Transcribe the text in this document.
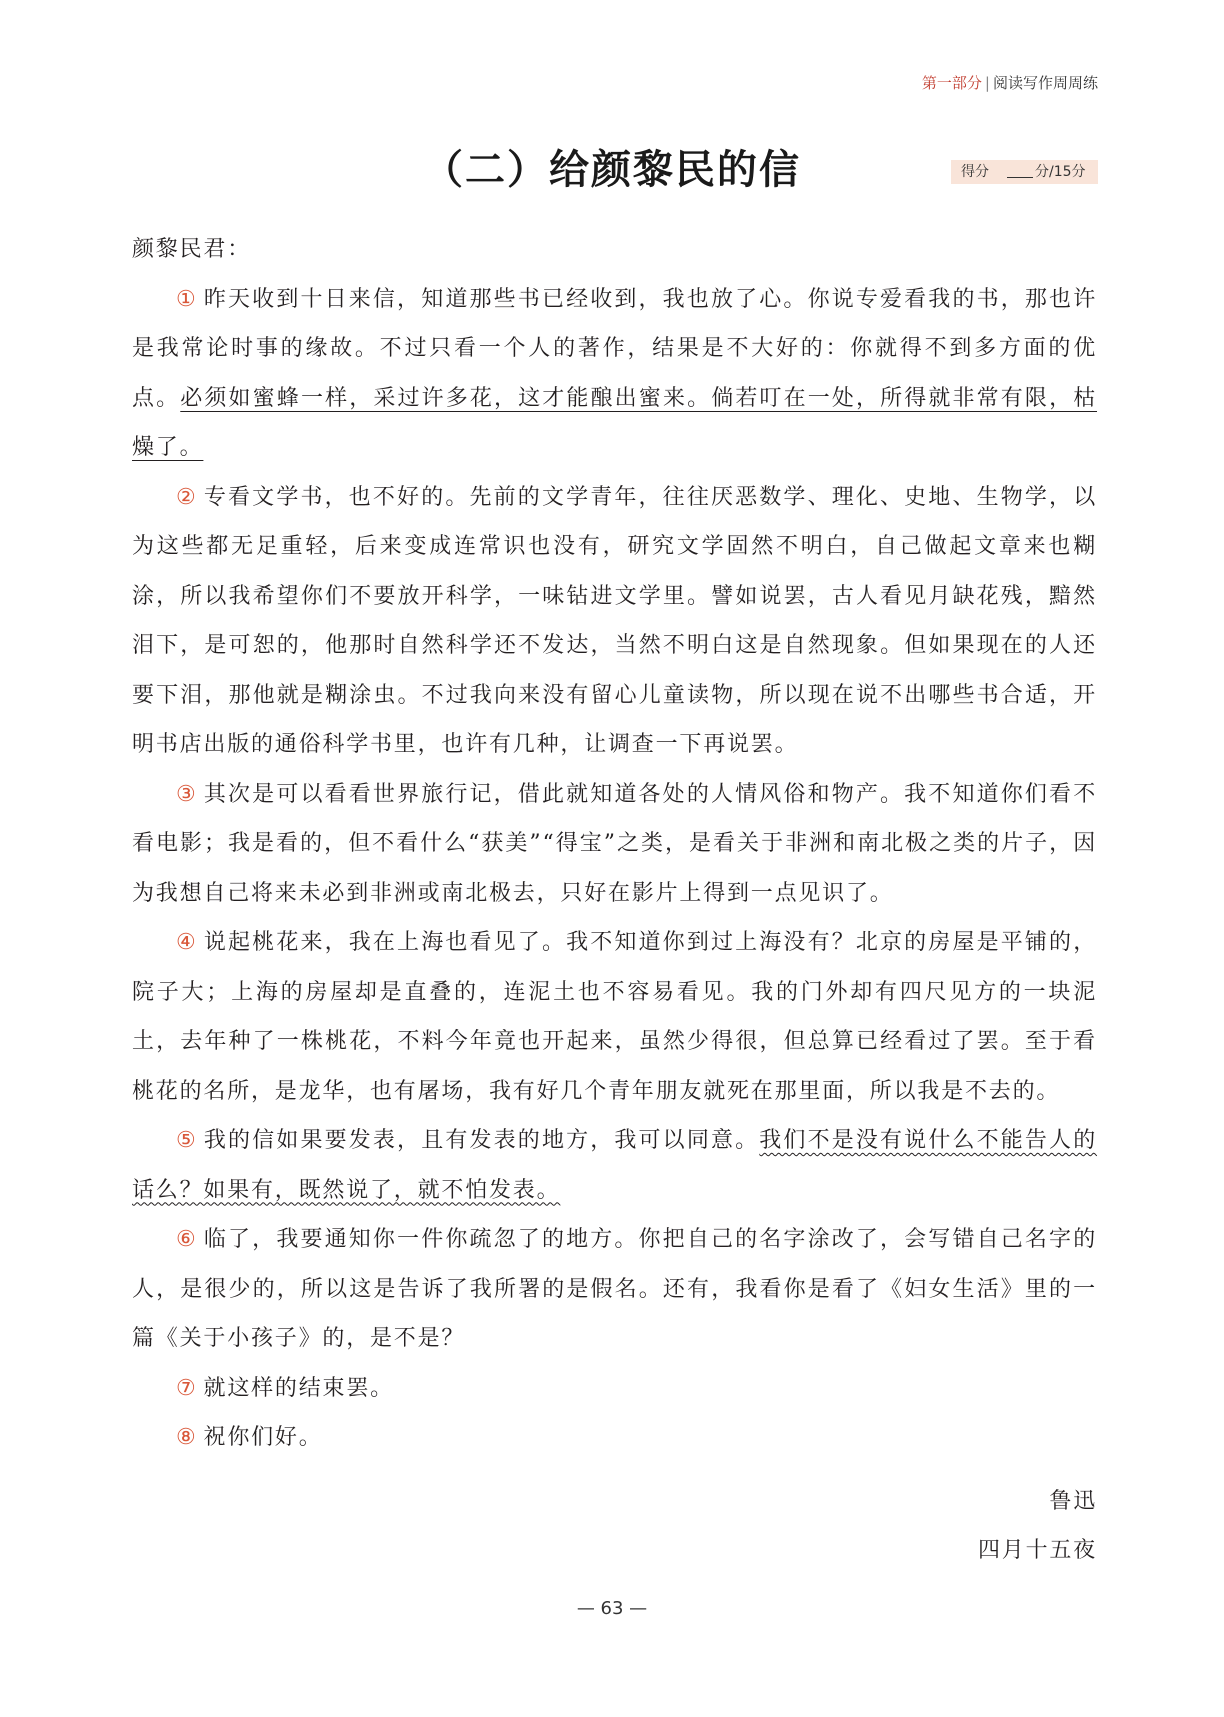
第一部分 | 阅读写作周周练
（二）给颜黎民的信	得分	分/15分

颜黎民君：

① 昨天收到十日来信，知道那些书已经收到，我也放了心。你说专爱看我的书，那也许是我常论时事的缘故。不过只看一个人的著作，结果是不大好的：你就得不到多方面的优点。必须如蜜蜂一样，采过许多花，这才能酿出蜜来。倘若叮在一处，所得就非常有限，枯燥了。

② 专看文学书，也不好的。先前的文学青年，往往厌恶数学、理化、史地、生物学，以为这些都无足重轻，后来变成连常识也没有，研究文学固然不明白，自己做起文章来也糊涂，所以我希望你们不要放开科学，一味钻进文学里。譬如说罢，古人看见月缺花残，黯然泪下，是可恕的，他那时自然科学还不发达，当然不明白这是自然现象。但如果现在的人还要下泪，那他就是糊涂虫。不过我向来没有留心儿童读物，所以现在说不出哪些书合适，开明书店出版的通俗科学书里，也许有几种，让调查一下再说罢。

③ 其次是可以看看世界旅行记，借此就知道各处的人情风俗和物产。我不知道你们看不看电影；我是看的，但不看什么“获美”“得宝”之类，是看关于非洲和南北极之类的片子，因为我想自己将来未必到非洲或南北极去，只好在影片上得到一点见识了。

④ 说起桃花来，我在上海也看见了。我不知道你到过上海没有？北京的房屋是平铺的，院子大；上海的房屋却是直叠的，连泥土也不容易看见。我的门外却有四尺见方的一块泥土，去年种了一株桃花，不料今年竟也开起来，虽然少得很，但总算已经看过了罢。至于看桃花的名所，是龙华，也有屠场，我有好几个青年朋友就死在那里面，所以我是不去的。

⑤ 我的信如果要发表，且有发表的地方，我可以同意。我们不是没有说什么不能告人的话么？如果有，既然说了，就不怕发表。

⑥ 临了，我要通知你一件你疏忽了的地方。你把自己的名字涂改了，会写错自己名字的人，是很少的，所以这是告诉了我所署的是假名。还有，我看你是看了《妇女生活》里的一篇《关于小孩子》的，是不是？

⑦ 就这样的结束罢。

⑧ 祝你们好。

鲁迅

四月十五夜

— 63 —
